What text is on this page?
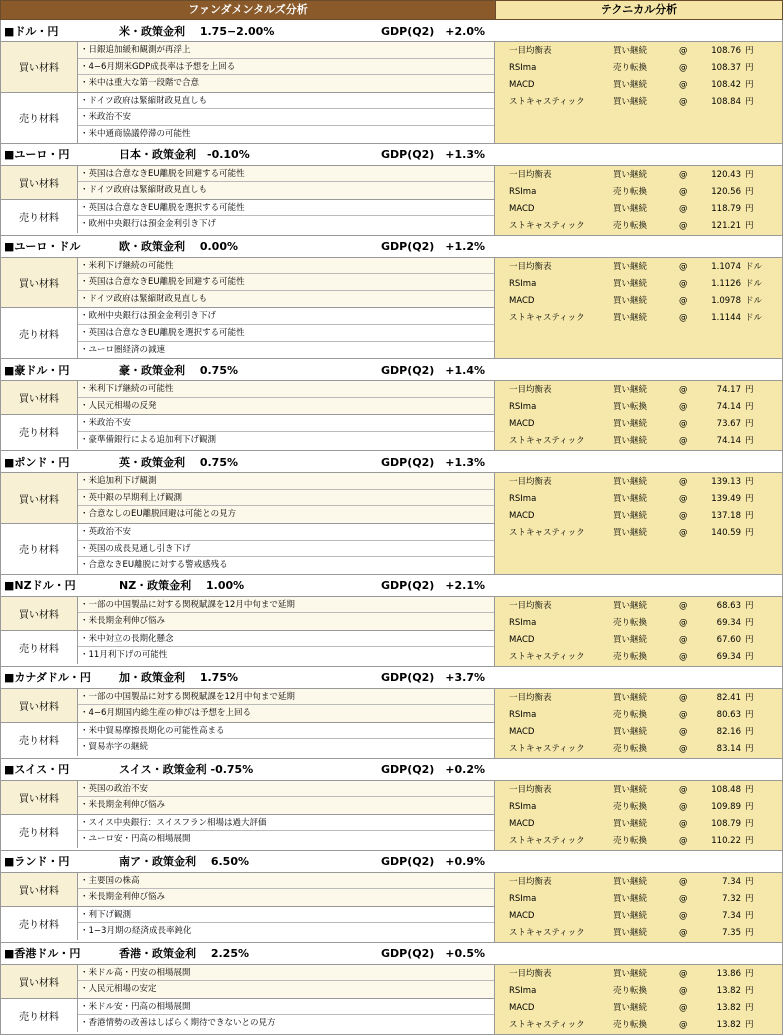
ファンダメンタルズ分析	テクニカル分析
■ドル・円	米・政策金利　 1.75−2.00%	GDP(Q2)　+2.0%
買い材料
・日銀追加緩和観測が再浮上
・4−6月期米GDP成長率は予想を上回る
・米中は重大な第一段階で合意
売り材料
・ドイツ政府は緊縮財政見直しも
・米政治不安
・米中通商協議停滞の可能性
一目均衡表	買い継続	@	108.76 円
RSIma	売り転換	@	108.37 円
MACD	買い継続	@	108.42 円
ストキャスティック	買い継続	@	108.84 円
■ユーロ・円	日本・政策金利　-0.10%	GDP(Q2)　+1.3%
買い材料
・英国は合意なきEU離脱を回避する可能性
・ドイツ政府は緊縮財政見直しも
売り材料
・英国は合意なきEU離脱を選択する可能性
・欧州中央銀行は預金金利引き下げ
一目均衡表	買い継続	@	120.43 円
RSIma	売り転換	@	120.56 円
MACD	買い継続	@	118.79 円
ストキャスティック	売り転換	@	121.21 円
■ユーロ・ドル	欧・政策金利　 0.00%	GDP(Q2)　+1.2%
買い材料
・米利下げ継続の可能性
・英国は合意なきEU離脱を回避する可能性
・ドイツ政府は緊縮財政見直しも
売り材料
・欧州中央銀行は預金金利引き下げ
・英国は合意なきEU離脱を選択する可能性
・ユーロ圏経済の減速
一目均衡表	買い継続	@	1.1074 ドル
RSIma	買い継続	@	1.1126 ドル
MACD	買い継続	@	1.0978 ドル
ストキャスティック	買い継続	@	1.1144 ドル
■豪ドル・円	豪・政策金利　 0.75%	GDP(Q2)　+1.4%
買い材料
・米利下げ継続の可能性
・人民元相場の反発
売り材料
・米政治不安
・豪準備銀行による追加利下げ観測
一目均衡表	買い継続	@	74.17 円
RSIma	買い転換	@	74.14 円
MACD	買い継続	@	73.67 円
ストキャスティック	買い継続	@	74.14 円
■ポンド・円	英・政策金利　 0.75%	GDP(Q2)　+1.3%
買い材料
・米追加利下げ観測
・英中銀の早期利上げ観測
・合意なしのEU離脱回避は可能との見方
売り材料
・英政治不安
・英国の成長見通し引き下げ
・合意なきEU離脱に対する警戒感残る
一目均衡表	買い継続	@	139.13 円
RSIma	買い継続	@	139.49 円
MACD	買い継続	@	137.18 円
ストキャスティック	買い継続	@	140.59 円
■NZドル・円	NZ・政策金利　 1.00%	GDP(Q2)　+2.1%
買い材料
・一部の中国製品に対する関税賦課を12月中旬まで延期
・米長期金利伸び悩み
売り材料
・米中対立の長期化懸念
・11月利下げの可能性
一目均衡表	買い継続	@	68.63 円
RSIma	売り転換	@	69.34 円
MACD	買い継続	@	67.60 円
ストキャスティック	売り転換	@	69.34 円
■カナダドル・円	加・政策金利　 1.75%	GDP(Q2)　+3.7%
買い材料
・一部の中国製品に対する関税賦課を12月中旬まで延期
・4−6月期国内総生産の伸びは予想を上回る
売り材料
・米中貿易摩擦長期化の可能性高まる
・貿易赤字の継続
一目均衡表	買い継続	@	82.41 円
RSIma	売り転換	@	80.63 円
MACD	買い継続	@	82.16 円
ストキャスティック	売り転換	@	83.14 円
■スイス・円	スイス・政策金利 -0.75%	GDP(Q2)　+0.2%
買い材料
・英国の政治不安
・米長期金利伸び悩み
売り材料
・スイス中央銀行：スイスフラン相場は過大評価
・ユーロ安・円高の相場展開
一目均衡表	買い継続	@	108.48 円
RSIma	売り転換	@	109.89 円
MACD	買い継続	@	108.79 円
ストキャスティック	売り転換	@	110.22 円
■ランド・円	南ア・政策金利　 6.50%	GDP(Q2)　+0.9%
買い材料
・主要国の株高
・米長期金利伸び悩み
売り材料
・利下げ観測
・1−3月期の経済成長率鈍化
一目均衡表	買い継続	@	7.34 円
RSIma	買い継続	@	7.32 円
MACD	買い継続	@	7.34 円
ストキャスティック	買い継続	@	7.35 円
■香港ドル・円	香港・政策金利　 2.25%	GDP(Q2)　+0.5%
買い材料
・米ドル高・円安の相場展開
・人民元相場の安定
売り材料
・米ドル安・円高の相場展開
・香港情勢の改善はしばらく期待できないとの見方
一目均衡表	買い継続	@	13.86 円
RSIma	売り転換	@	13.82 円
MACD	買い継続	@	13.82 円
ストキャスティック	売り転換	@	13.82 円
